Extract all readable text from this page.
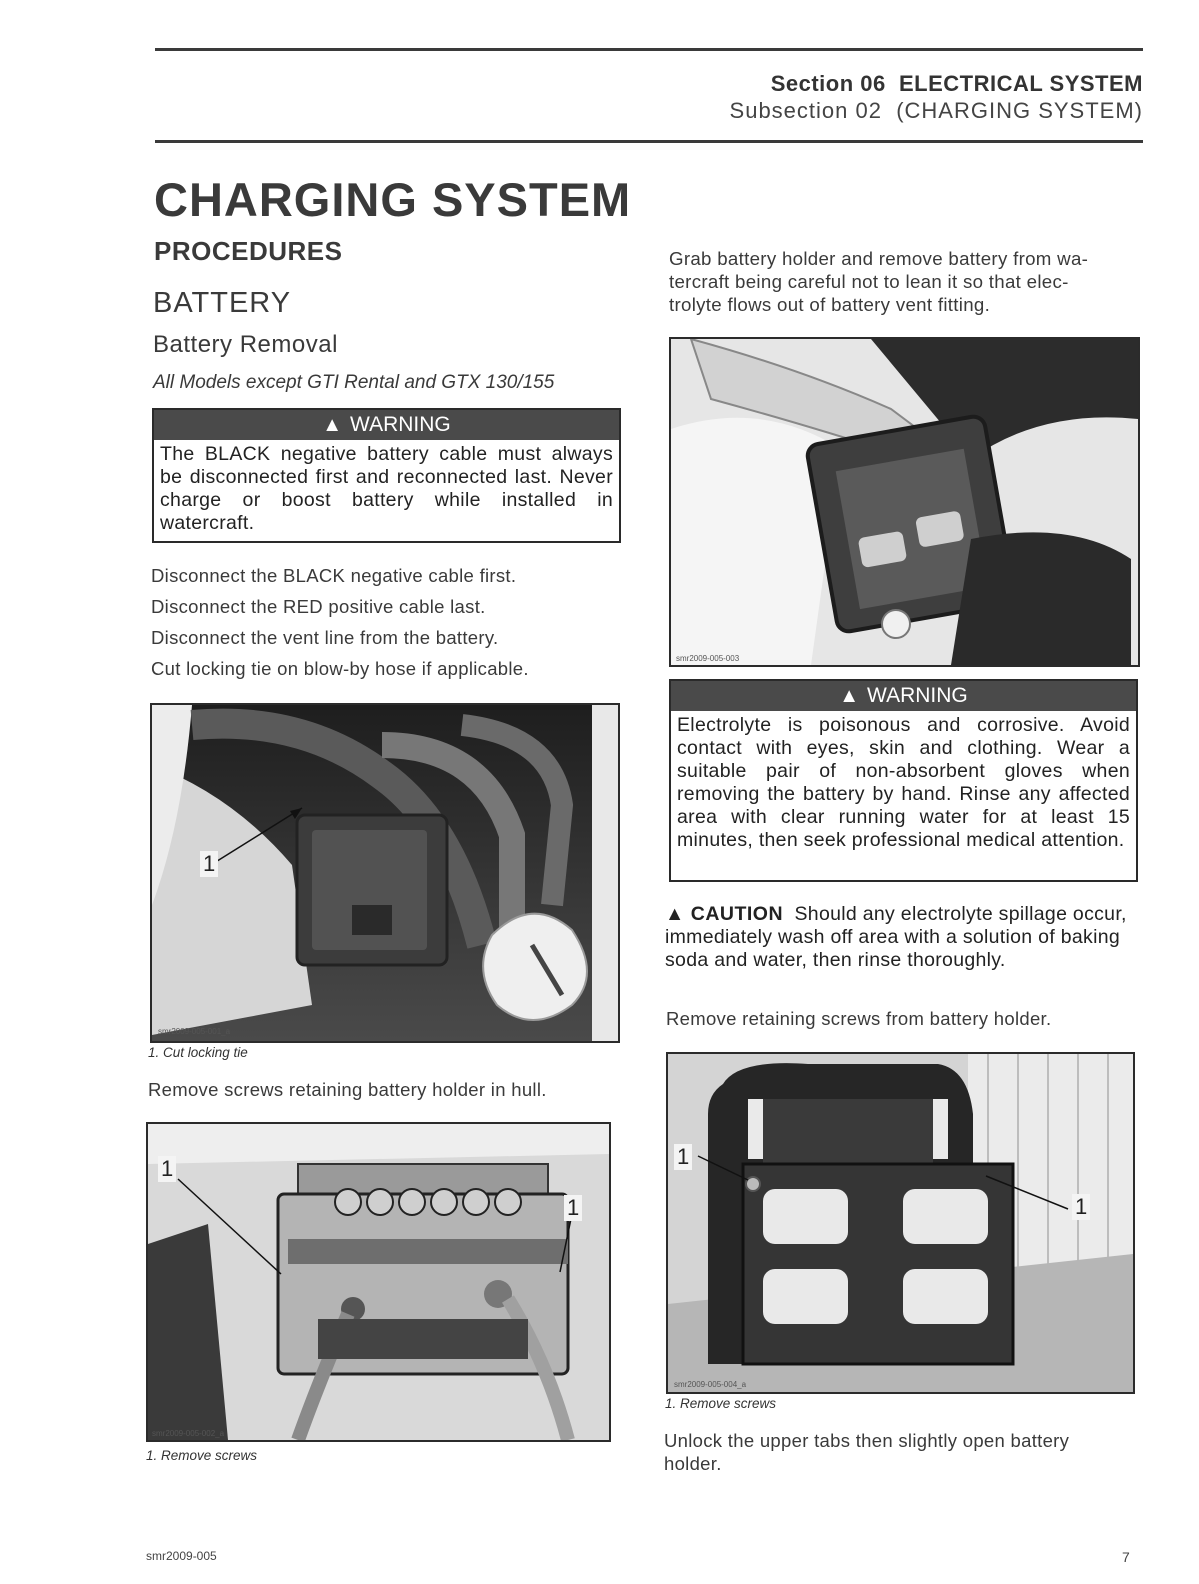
Section 06 ELECTRICAL SYSTEM
Subsection 02 (CHARGING SYSTEM)
CHARGING SYSTEM
PROCEDURES
BATTERY
Battery Removal
All Models except GTI Rental and GTX 130/155
▲ WARNING
The BLACK negative battery cable must always be disconnected first and reconnected last. Never charge or boost battery while installed in watercraft.
Disconnect the BLACK negative cable first.
Disconnect the RED positive cable last.
Disconnect the vent line from the battery.
Cut locking tie on blow-by hose if applicable.
1
smr2009-005-001_a
1. Cut locking tie
Remove screws retaining battery holder in hull.
1
1
smr2009-005-002_a
1. Remove screws
Grab battery holder and remove battery from wa-
tercraft being careful not to lean it so that elec-
trolyte flows out of battery vent fitting.
smr2009-005-003
▲ WARNING
Electrolyte is poisonous and corrosive. Avoid contact with eyes, skin and clothing. Wear a suitable pair of non-absorbent gloves when removing the battery by hand. Rinse any affected area with clear running water for at least 15 minutes, then seek professional medical attention.
▲ CAUTION Should any electrolyte spillage occur, immediately wash off area with a solution of baking soda and water, then rinse thoroughly.
Remove retaining screws from battery holder.
1
1
smr2009-005-004_a
1. Remove screws
Unlock the upper tabs then slightly open battery
holder.
smr2009-005	7
